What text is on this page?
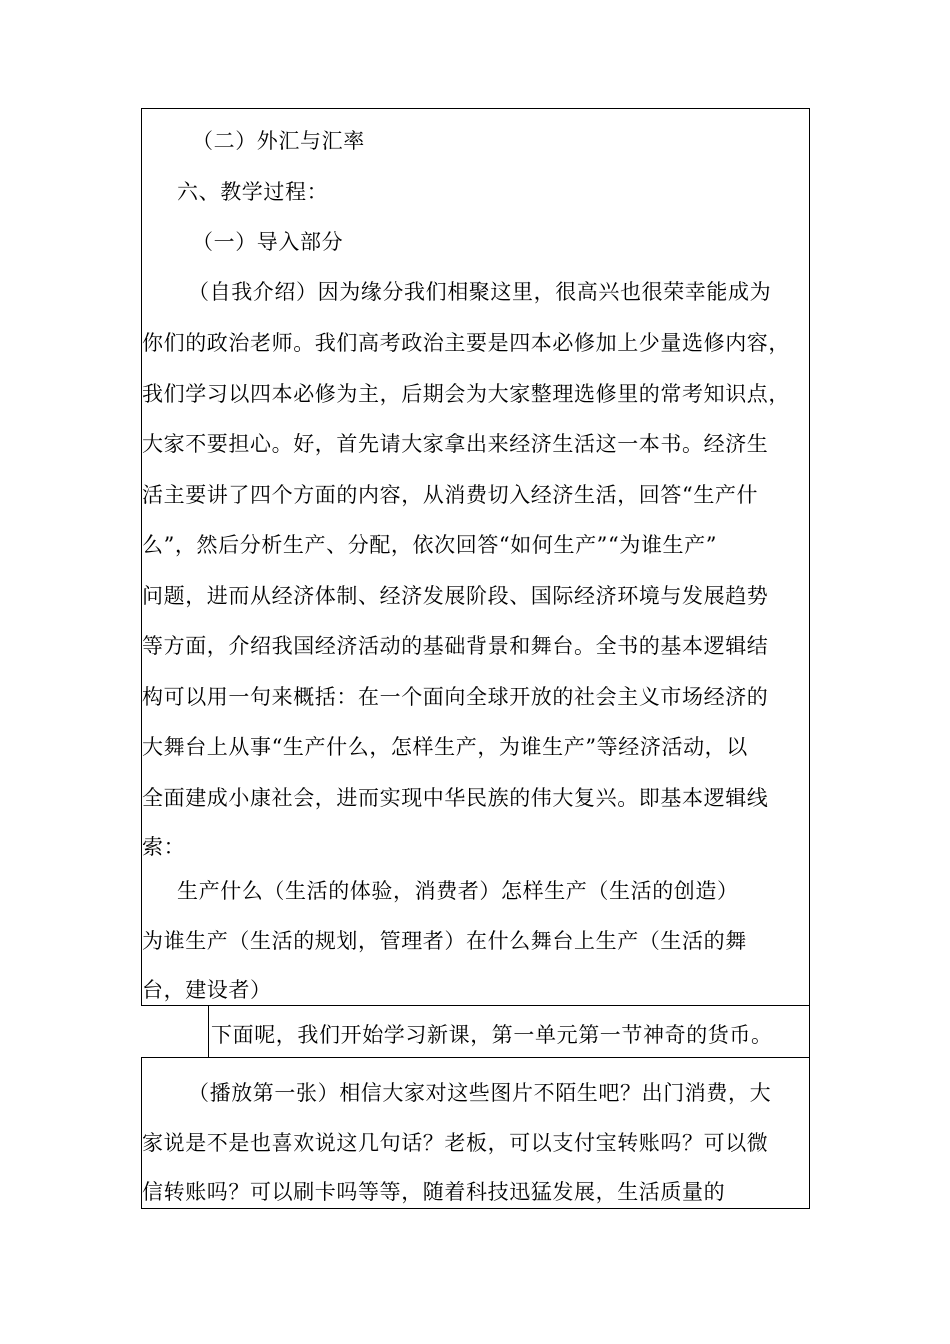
（二）外汇与汇率
六、教学过程：
（一）导入部分
（自我介绍）因为缘分我们相聚这里，很高兴也很荣幸能成为
你们的政治老师。我们高考政治主要是四本必修加上少量选修内容，
我们学习以四本必修为主，后期会为大家整理选修里的常考知识点，
大家不要担心。好，首先请大家拿出来经济生活这一本书。经济生
活主要讲了四个方面的内容，从消费切入经济生活，回答“生产什
么”，然后分析生产、分配，依次回答“如何生产”“为谁生产”
问题，进而从经济体制、经济发展阶段、国际经济环境与发展趋势
等方面，介绍我国经济活动的基础背景和舞台。全书的基本逻辑结
构可以用一句来概括：在一个面向全球开放的社会主义市场经济的
大舞台上从事“生产什么，怎样生产，为谁生产”等经济活动，以
全面建成小康社会，进而实现中华民族的伟大复兴。即基本逻辑线
索：
生产什么（生活的体验，消费者）怎样生产（生活的创造）
为谁生产（生活的规划，管理者）在什么舞台上生产（生活的舞
台，建设者）
下面呢，我们开始学习新课，第一单元第一节神奇的货币。
（播放第一张）相信大家对这些图片不陌生吧？出门消费，大
家说是不是也喜欢说这几句话？老板，可以支付宝转账吗？可以微
信转账吗？可以刷卡吗等等，随着科技迅猛发展，生活质量的
